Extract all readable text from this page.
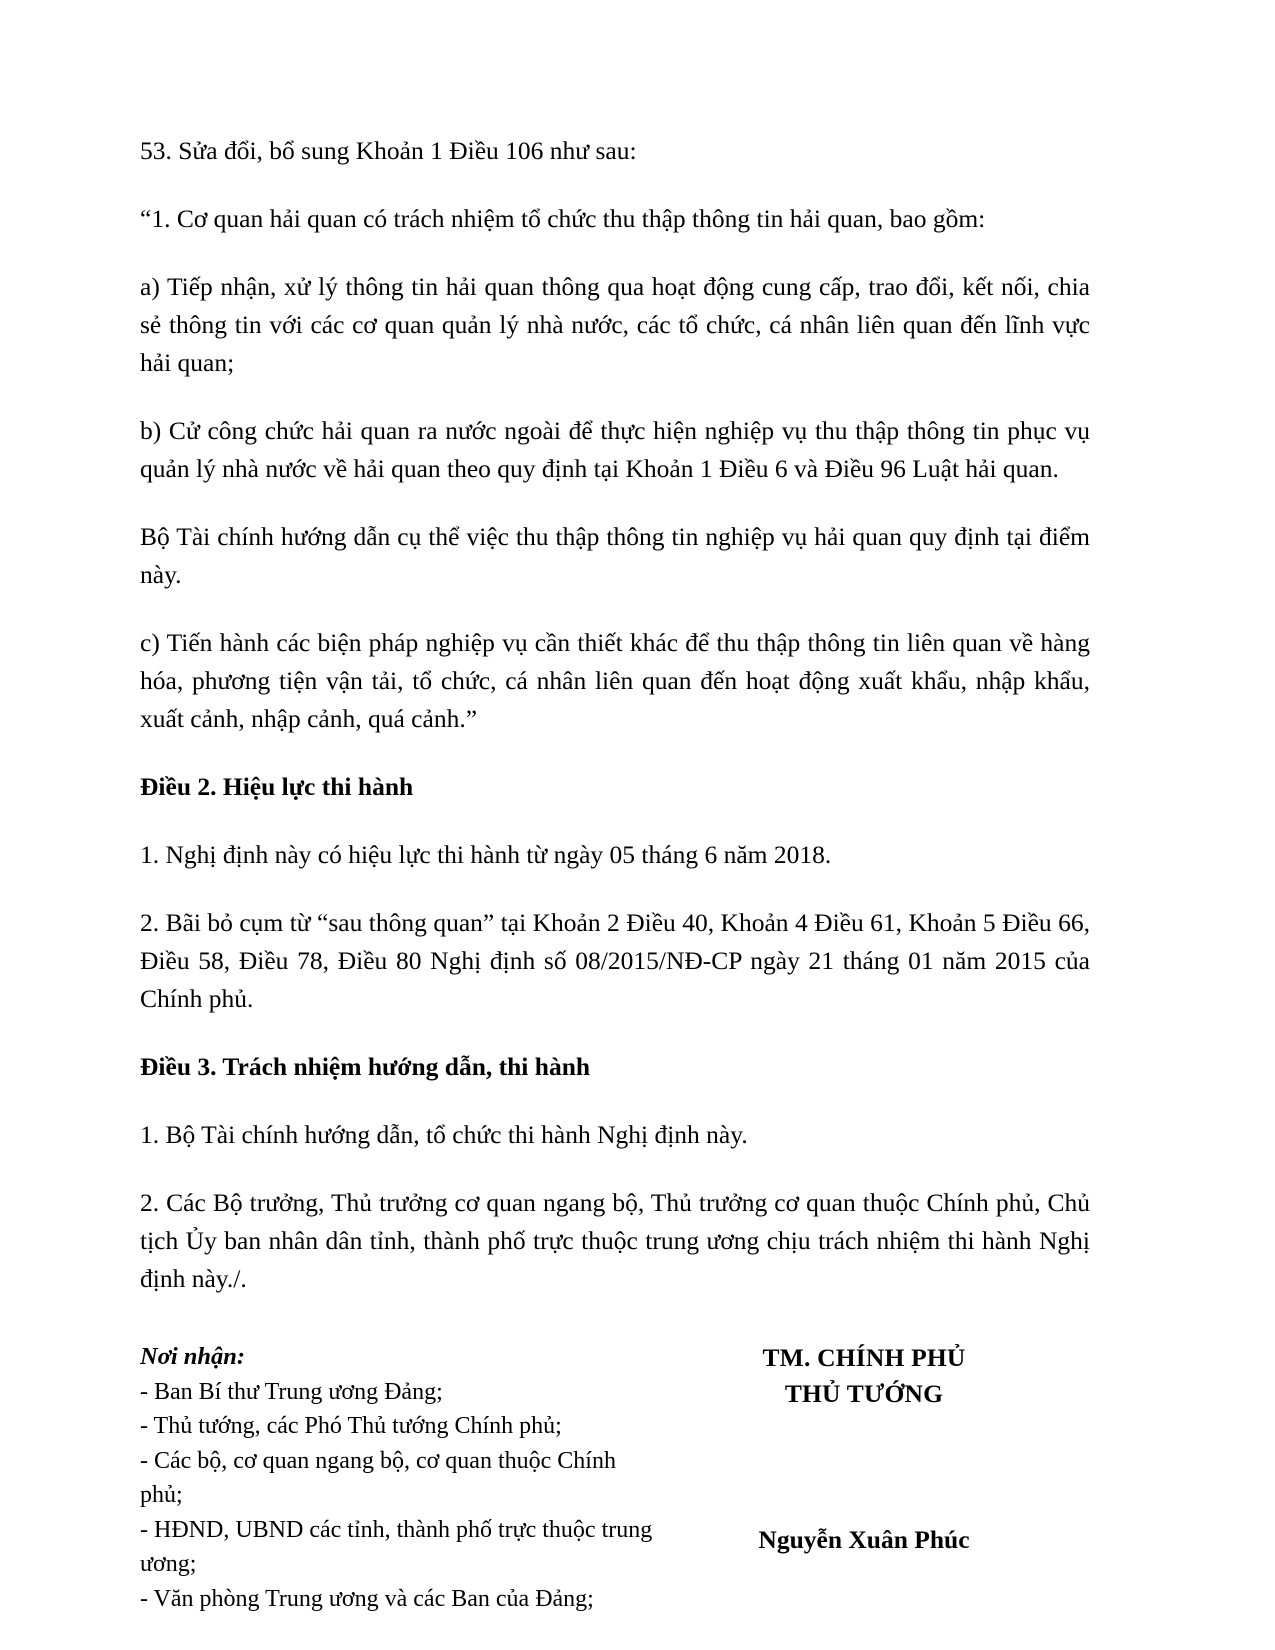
53. Sửa đổi, bổ sung Khoản 1 Điều 106 như sau:

“1. Cơ quan hải quan có trách nhiệm tổ chức thu thập thông tin hải quan, bao gồm:

a) Tiếp nhận, xử lý thông tin hải quan thông qua hoạt động cung cấp, trao đổi, kết nối, chia sẻ thông tin với các cơ quan quản lý nhà nước, các tổ chức, cá nhân liên quan đến lĩnh vực hải quan;

b) Cử công chức hải quan ra nước ngoài để thực hiện nghiệp vụ thu thập thông tin phục vụ quản lý nhà nước về hải quan theo quy định tại Khoản 1 Điều 6 và Điều 96 Luật hải quan.

Bộ Tài chính hướng dẫn cụ thể việc thu thập thông tin nghiệp vụ hải quan quy định tại điểm này.

c) Tiến hành các biện pháp nghiệp vụ cần thiết khác để thu thập thông tin liên quan về hàng hóa, phương tiện vận tải, tổ chức, cá nhân liên quan đến hoạt động xuất khẩu, nhập khẩu, xuất cảnh, nhập cảnh, quá cảnh.”

Điều 2. Hiệu lực thi hành

1. Nghị định này có hiệu lực thi hành từ ngày 05 tháng 6 năm 2018.

2. Bãi bỏ cụm từ “sau thông quan” tại Khoản 2 Điều 40, Khoản 4 Điều 61, Khoản 5 Điều 66, Điều 58, Điều 78, Điều 80 Nghị định số 08/2015/NĐ-CP ngày 21 tháng 01 năm 2015 của Chính phủ.

Điều 3. Trách nhiệm hướng dẫn, thi hành

1. Bộ Tài chính hướng dẫn, tổ chức thi hành Nghị định này.

2. Các Bộ trưởng, Thủ trưởng cơ quan ngang bộ, Thủ trưởng cơ quan thuộc Chính phủ, Chủ tịch Ủy ban nhân dân tỉnh, thành phố trực thuộc trung ương chịu trách nhiệm thi hành Nghị định này./.

Nơi nhận:
- Ban Bí thư Trung ương Đảng;
- Thủ tướng, các Phó Thủ tướng Chính phủ;
- Các bộ, cơ quan ngang bộ, cơ quan thuộc Chính phủ;
- HĐND, UBND các tỉnh, thành phố trực thuộc trung ương;
- Văn phòng Trung ương và các Ban của Đảng;
TM. CHÍNH PHỦ
THỦ TƯỚNG
Nguyễn Xuân Phúc
